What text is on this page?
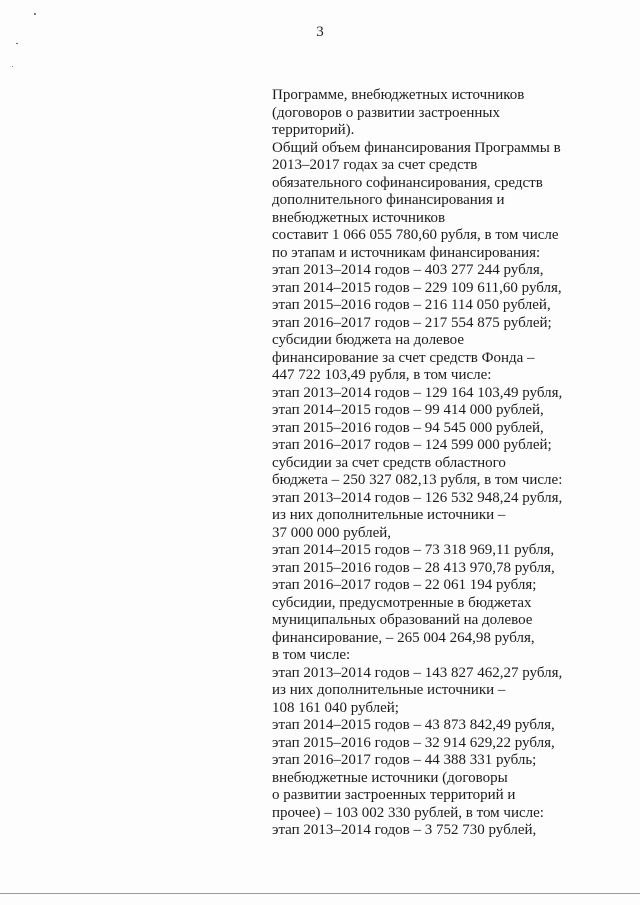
3

Программе, внебюджетных источников
(договоров о развитии застроенных
территорий).
Общий объем финансирования Программы в
2013–2017 годах за счет средств
обязательного софинансирования, средств
дополнительного финансирования и
внебюджетных источников
составит 1 066 055 780,60 рубля, в том числе
по этапам и источникам финансирования:
этап 2013–2014 годов – 403 277 244 рубля,
этап 2014–2015 годов – 229 109 611,60 рубля,
этап 2015–2016 годов – 216 114 050 рублей,
этап 2016–2017 годов – 217 554 875 рублей;
субсидии бюджета на долевое
финансирование за счет средств Фонда –
447 722 103,49 рубля, в том числе:
этап 2013–2014 годов – 129 164 103,49 рубля,
этап 2014–2015 годов – 99 414 000 рублей,
этап 2015–2016 годов – 94 545 000 рублей,
этап 2016–2017 годов – 124 599 000 рублей;
субсидии за счет средств областного
бюджета – 250 327 082,13 рубля, в том числе:
этап 2013–2014 годов – 126 532 948,24 рубля,
из них дополнительные источники –
37 000 000 рублей,
этап 2014–2015 годов – 73 318 969,11 рубля,
этап 2015–2016 годов – 28 413 970,78 рубля,
этап 2016–2017 годов – 22 061 194 рубля;
субсидии, предусмотренные в бюджетах
муниципальных образований на долевое
финансирование, – 265 004 264,98 рубля,
в том числе:
этап 2013–2014 годов – 143 827 462,27 рубля,
из них дополнительные источники –
108 161 040 рублей;
этап 2014–2015 годов – 43 873 842,49 рубля,
этап 2015–2016 годов – 32 914 629,22 рубля,
этап 2016–2017 годов – 44 388 331 рубль;
внебюджетные источники (договоры
о развитии застроенных территорий и
прочее) – 103 002 330 рублей, в том числе:
этап 2013–2014 годов – 3 752 730 рублей,
